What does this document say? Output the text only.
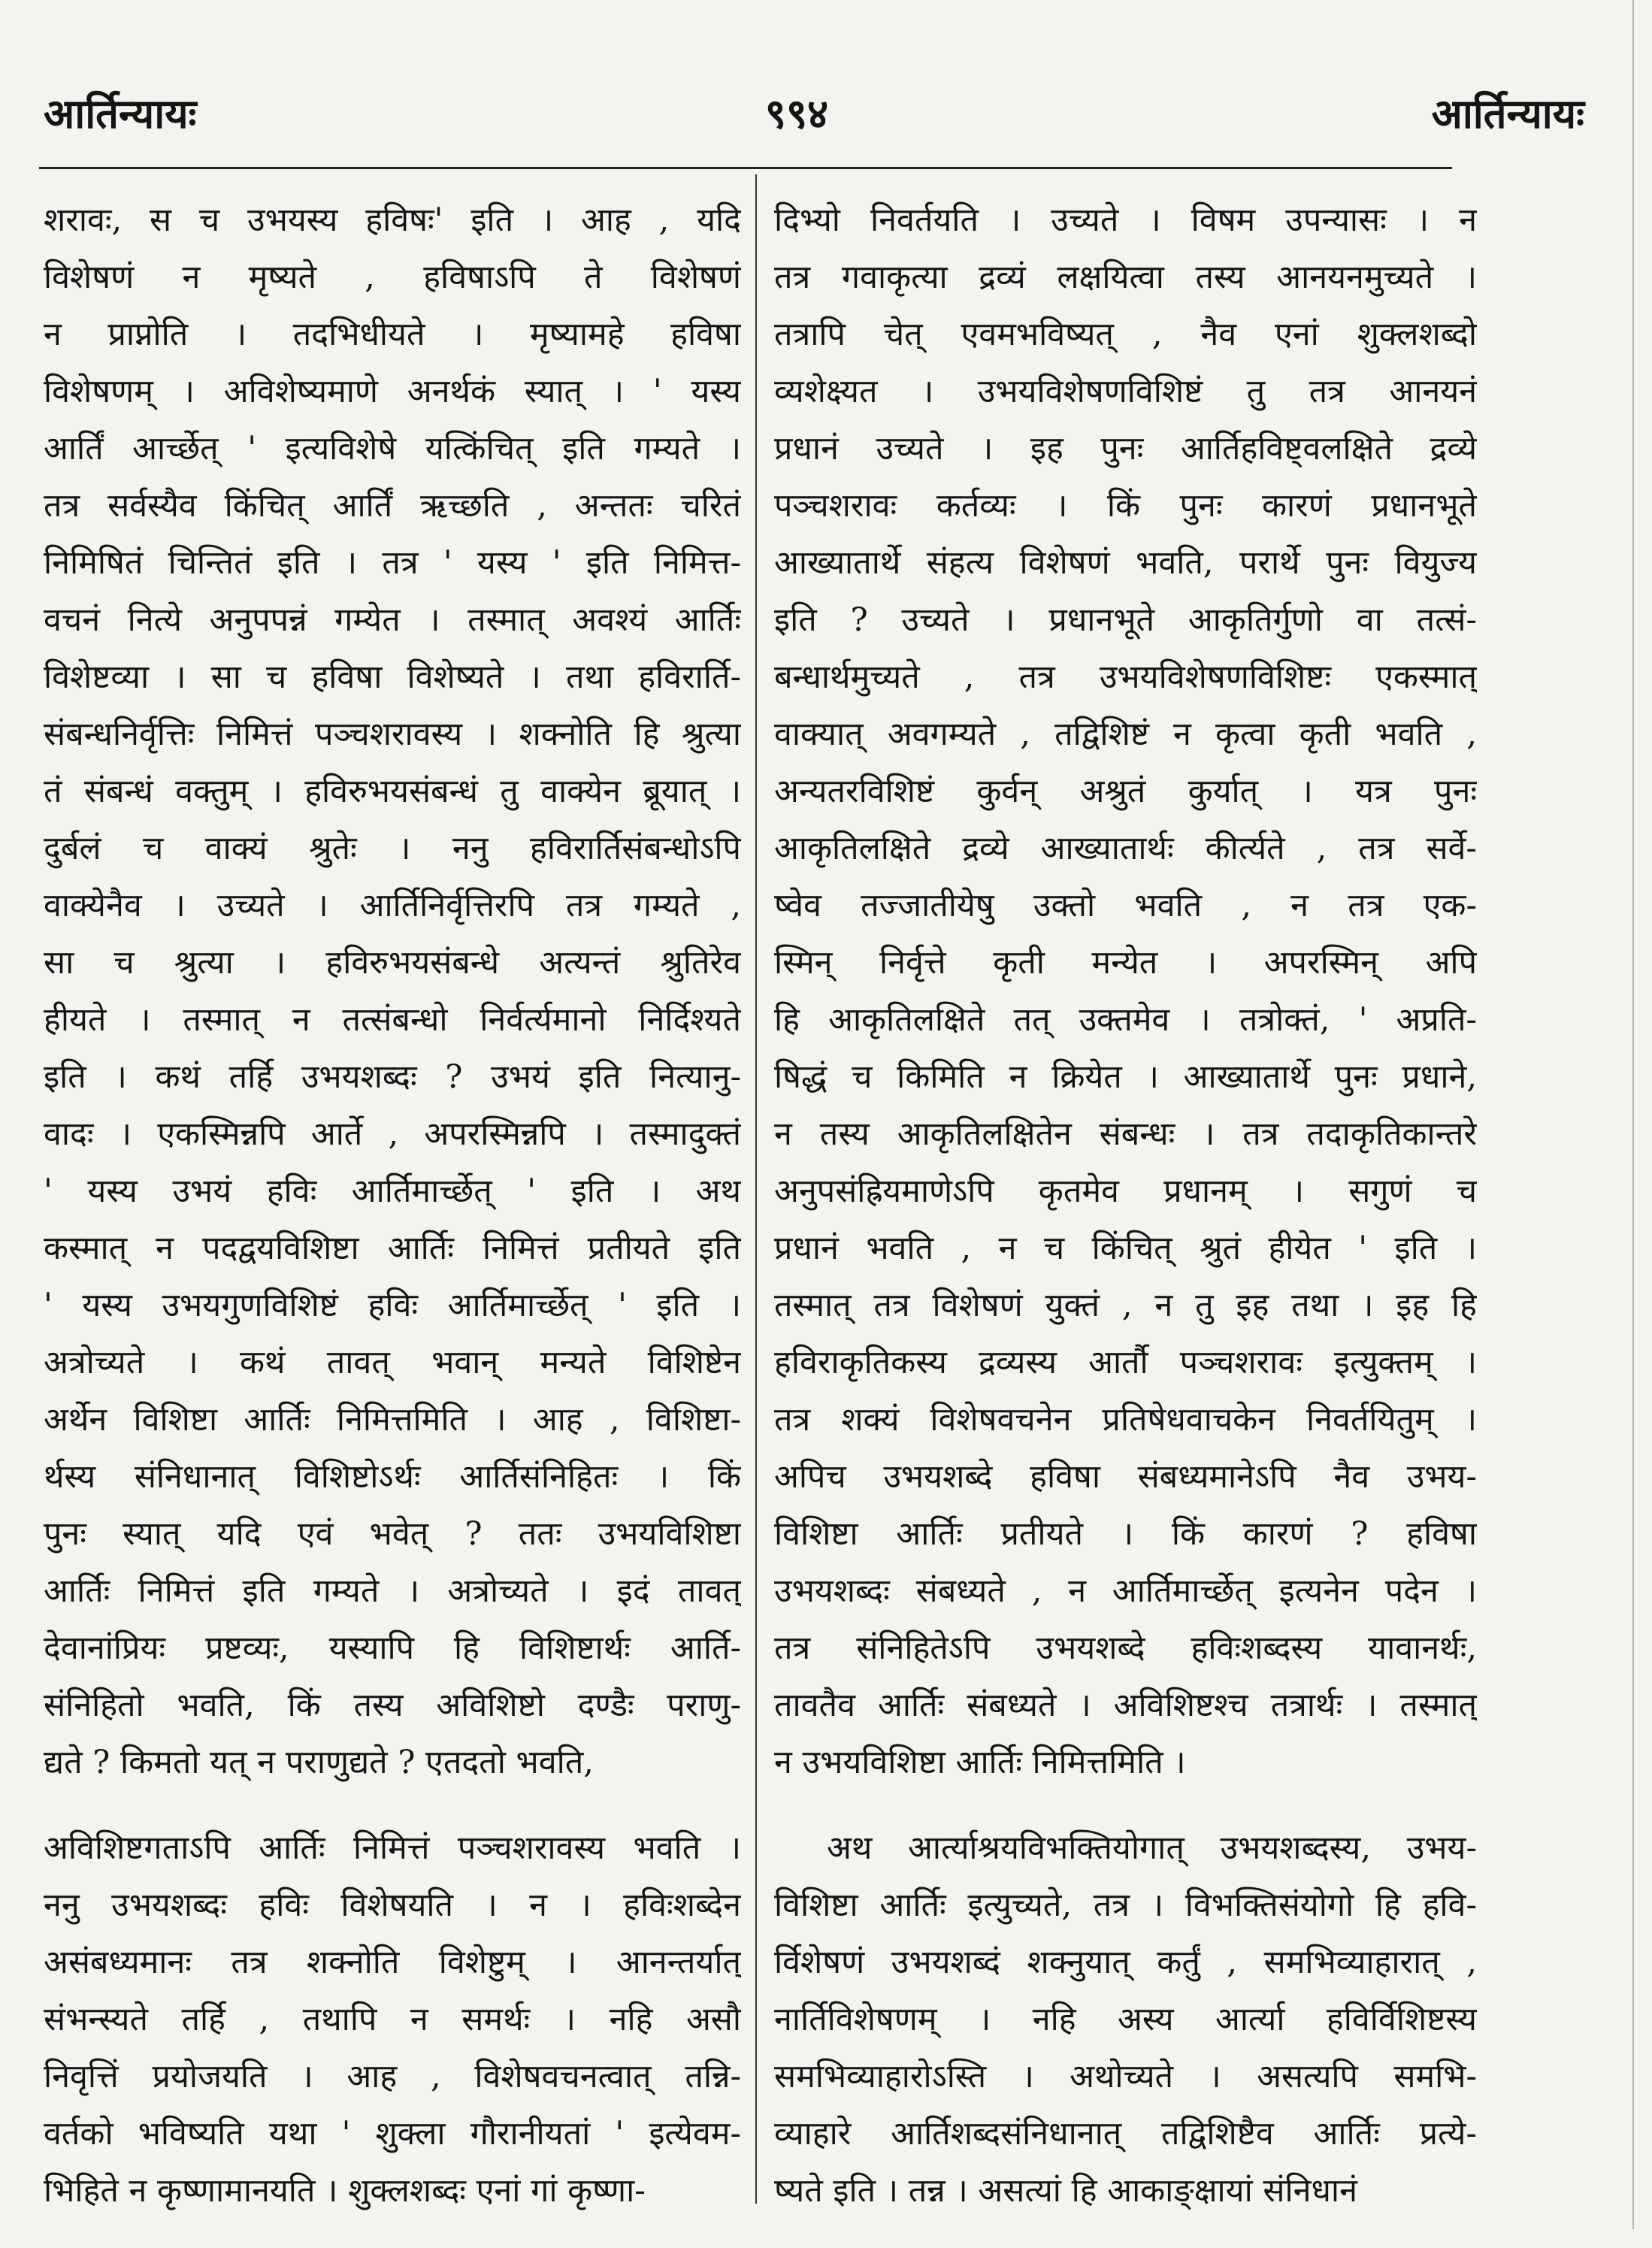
आर्तिन्यायः	९९४	आर्तिन्यायः
शरावः, स च उभयस्य हविषः' इति । आह , यदि
विशेषणं न मृष्यते , हविषाऽपि ते विशेषणं
न प्राप्नोति । तदभिधीयते । मृष्यामहे हविषा
विशेषणम् । अविशेष्यमाणे अनर्थकं स्यात् । ' यस्य
आर्तिं आर्च्छेत् ' इत्यविशेषे यत्किंचित् इति गम्यते ।
तत्र सर्वस्यैव किंचित् आर्तिं ऋच्छति , अन्ततः चरितं
निमिषितं चिन्तितं इति । तत्र ' यस्य ' इति निमित्त-
वचनं नित्ये अनुपपन्नं गम्येत । तस्मात् अवश्यं आर्तिः
विशेष्टव्या । सा च हविषा विशेष्यते । तथा हविरार्ति-
संबन्धनिर्वृत्तिः निमित्तं पञ्चशरावस्य । शक्नोति हि श्रुत्या
तं संबन्धं वक्तुम् । हविरुभयसंबन्धं तु वाक्येन ब्रूयात् ।
दुर्बलं च वाक्यं श्रुतेः । ननु हविरार्तिसंबन्धोऽपि
वाक्येनैव । उच्यते । आर्तिनिर्वृत्तिरपि तत्र गम्यते ,
सा च श्रुत्या । हविरुभयसंबन्धे अत्यन्तं श्रुतिरेव
हीयते । तस्मात् न तत्संबन्धो निर्वर्त्यमानो निर्दिश्यते
इति । कथं तर्हि उभयशब्दः ? उभयं इति नित्यानु-
वादः । एकस्मिन्नपि आर्ते , अपरस्मिन्नपि । तस्मादुक्तं
' यस्य उभयं हविः आर्तिमार्च्छेत् ' इति । अथ
कस्मात् न पदद्वयविशिष्टा आर्तिः निमित्तं प्रतीयते इति
' यस्य उभयगुणविशिष्टं हविः आर्तिमार्च्छेत् ' इति ।
अत्रोच्यते । कथं तावत् भवान् मन्यते विशिष्टेन
अर्थेन विशिष्टा आर्तिः निमित्तमिति । आह , विशिष्टा-
र्थस्य संनिधानात् विशिष्टोऽर्थः आर्तिसंनिहितः । किं
पुनः स्यात् यदि एवं भवेत् ? ततः उभयविशिष्टा
आर्तिः निमित्तं इति गम्यते । अत्रोच्यते । इदं तावत्
देवानांप्रियः प्रष्टव्यः, यस्यापि हि विशिष्टार्थः आर्ति-
संनिहितो भवति, किं तस्य अविशिष्टो दण्डैः पराणु-
द्यते ? किमतो यत् न पराणुद्यते ? एतदतो भवति,
अविशिष्टगताऽपि आर्तिः निमित्तं पञ्चशरावस्य भवति ।
ननु उभयशब्दः हविः विशेषयति । न । हविःशब्देन
असंबध्यमानः तत्र शक्नोति विशेष्टुम् । आनन्तर्यात्
संभन्स्यते तर्हि , तथापि न समर्थः । नहि असौ
निवृत्तिं प्रयोजयति । आह , विशेषवचनत्वात् तन्नि-
वर्तको भविष्यति यथा ' शुक्ला गौरानीयतां ' इत्येवम-
भिहिते न कृष्णामानयति । शुक्लशब्दः एनां गां कृष्णा-
दिभ्यो निवर्तयति । उच्यते । विषम उपन्यासः । न
तत्र गवाकृत्या द्रव्यं लक्षयित्वा तस्य आनयनमुच्यते ।
तत्रापि चेत् एवमभविष्यत् , नैव एनां शुक्लशब्दो
व्यशेक्ष्यत । उभयविशेषणविशिष्टं तु तत्र आनयनं
प्रधानं उच्यते । इह पुनः आर्तिहविष्ट्वलक्षिते द्रव्ये
पञ्चशरावः कर्तव्यः । किं पुनः कारणं प्रधानभूते
आख्यातार्थे संहत्य विशेषणं भवति, परार्थे पुनः वियुज्य
इति ? उच्यते । प्रधानभूते आकृतिर्गुणो वा तत्सं-
बन्धार्थमुच्यते , तत्र उभयविशेषणविशिष्टः एकस्मात्
वाक्यात् अवगम्यते , तद्विशिष्टं न कृत्वा कृती भवति ,
अन्यतरविशिष्टं कुर्वन् अश्रुतं कुर्यात् । यत्र पुनः
आकृतिलक्षिते द्रव्ये आख्यातार्थः कीर्त्यते , तत्र सर्वे-
ष्वेव तज्जातीयेषु उक्तो भवति , न तत्र एक-
स्मिन् निर्वृत्ते कृती मन्येत । अपरस्मिन् अपि
हि आकृतिलक्षिते तत् उक्तमेव । तत्रोक्तं, ' अप्रति-
षिद्धं च किमिति न क्रियेत । आख्यातार्थे पुनः प्रधाने,
न तस्य आकृतिलक्षितेन संबन्धः । तत्र तदाकृतिकान्तरे
अनुपसंह्रियमाणेऽपि कृतमेव प्रधानम् । सगुणं च
प्रधानं भवति , न च किंचित् श्रुतं हीयेत ' इति ।
तस्मात् तत्र विशेषणं युक्तं , न तु इह तथा । इह हि
हविराकृतिकस्य द्रव्यस्य आर्तौ पञ्चशरावः इत्युक्तम् ।
तत्र शक्यं विशेषवचनेन प्रतिषेधवाचकेन निवर्तयितुम् ।
अपिच उभयशब्दे हविषा संबध्यमानेऽपि नैव उभय-
विशिष्टा आर्तिः प्रतीयते । किं कारणं ? हविषा
उभयशब्दः संबध्यते , न आर्तिमार्च्छेत् इत्यनेन पदेन ।
तत्र संनिहितेऽपि उभयशब्दे हविःशब्दस्य यावानर्थः,
तावतैव आर्तिः संबध्यते । अविशिष्टश्च तत्रार्थः । तस्मात्
न उभयविशिष्टा आर्तिः निमित्तमिति ।
अथ आर्त्याश्रयविभक्तियोगात् उभयशब्दस्य, उभय-
विशिष्टा आर्तिः इत्युच्यते, तत्र । विभक्तिसंयोगो हि हवि-
र्विशेषणं उभयशब्दं शक्नुयात् कर्तुं , समभिव्याहारात् ,
नार्तिविशेषणम् । नहि अस्य आर्त्या हविर्विशिष्टस्य
समभिव्याहारोऽस्ति । अथोच्यते । असत्यपि समभि-
व्याहारे आर्तिशब्दसंनिधानात् तद्विशिष्टैव आर्तिः प्रत्ये-
ष्यते इति । तन्न । असत्यां हि आकाङ्क्षायां संनिधानं
